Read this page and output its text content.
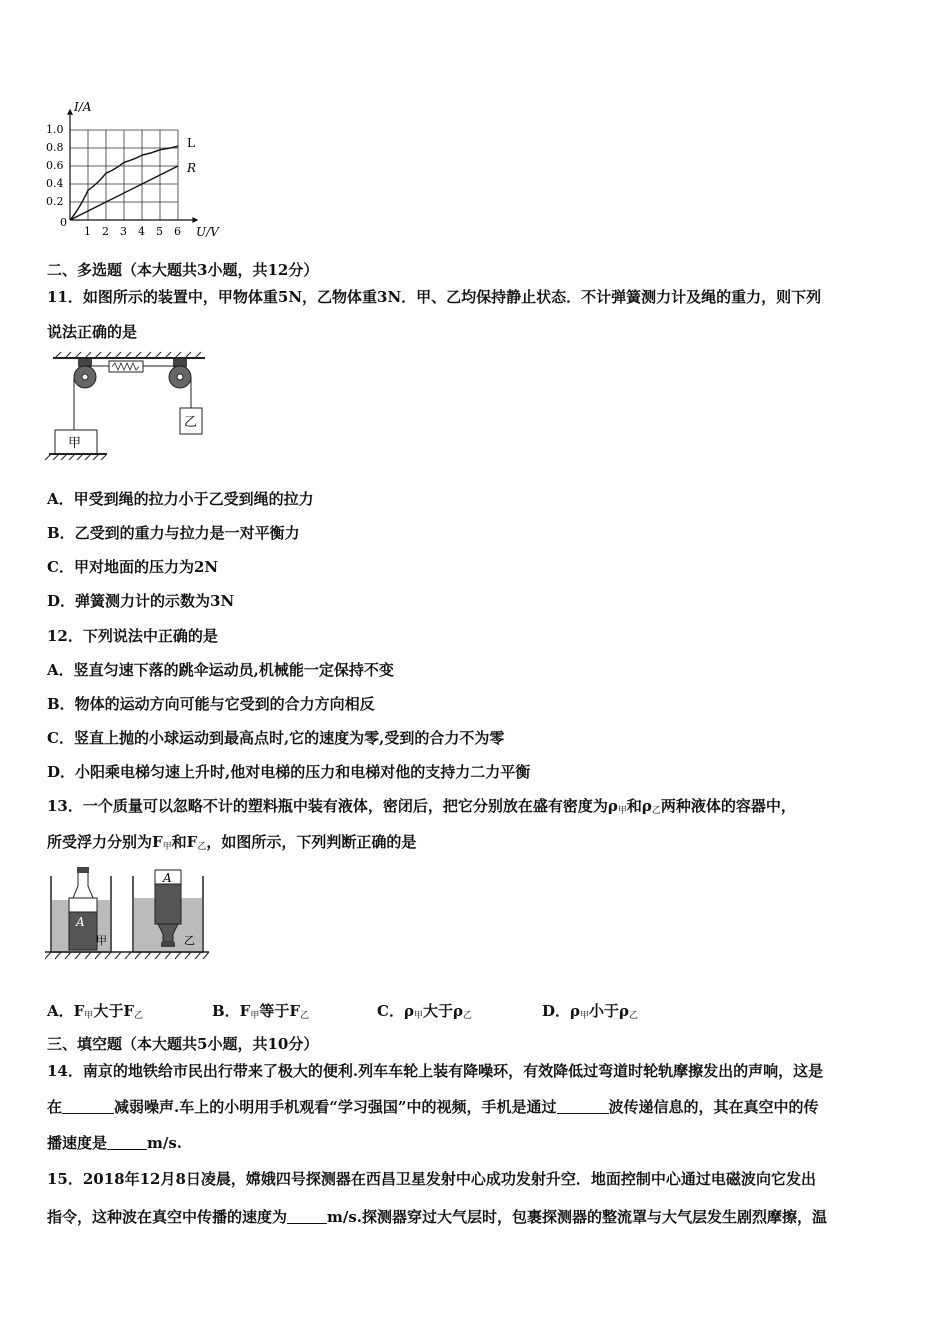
I/A
U/V
0
1.0
0.8
0.6
0.4
0.2
1 2 3 4 5 6
L
R
二、多选题（本大题共3小题，共12分）
11．如图所示的装置中，甲物体重5N，乙物体重3N．甲、乙均保持静止状态．不计弹簧测力计及绳的重力，则下列
说法正确的是
甲
乙
A．甲受到绳的拉力小于乙受到绳的拉力
B．乙受到的重力与拉力是一对平衡力
C．甲对地面的压力为2N
D．弹簧测力计的示数为3N
12．下列说法中正确的是
A．竖直匀速下落的跳伞运动员,机械能一定保持不变
B．物体的运动方向可能与它受到的合力方向相反
C．竖直上抛的小球运动到最高点时,它的速度为零,受到的合力不为零
D．小阳乘电梯匀速上升时,他对电梯的压力和电梯对他的支持力二力平衡
13．一个质量可以忽略不计的塑料瓶中装有液体，密闭后，把它分别放在盛有密度为$\rho_甲$和$\rho_乙$两种液体的容器中，
所受浮力分别为$F_甲$和$F_乙$，如图所示，下列判断正确的是
A
甲
A
乙
A．$F_甲$大于$F_乙$	B．$F_甲$等于$F_乙$	C．$\rho_甲$大于$\rho_乙$	D．$\rho_甲$小于$\rho_乙$
三、填空题（本大题共5小题，共10分）
14．南京的地铁给市民出行带来了极大的便利.列车车轮上装有降噪环，有效降低过弯道时轮轨摩擦发出的声响，这是
在	减弱噪声.车上的小明用手机观看“学习强国”中的视频，手机是通过	波传递信息的，其在真空中的传
播速度是	m/s.
15．2018年12月8日凌晨，嫦娥四号探测器在西昌卫星发射中心成功发射升空．地面控制中心通过电磁波向它发出
指令，这种波在真空中传播的速度为	m/s.探测器穿过大气层时，包裹探测器的整流罩与大气层发生剧烈摩擦，温
